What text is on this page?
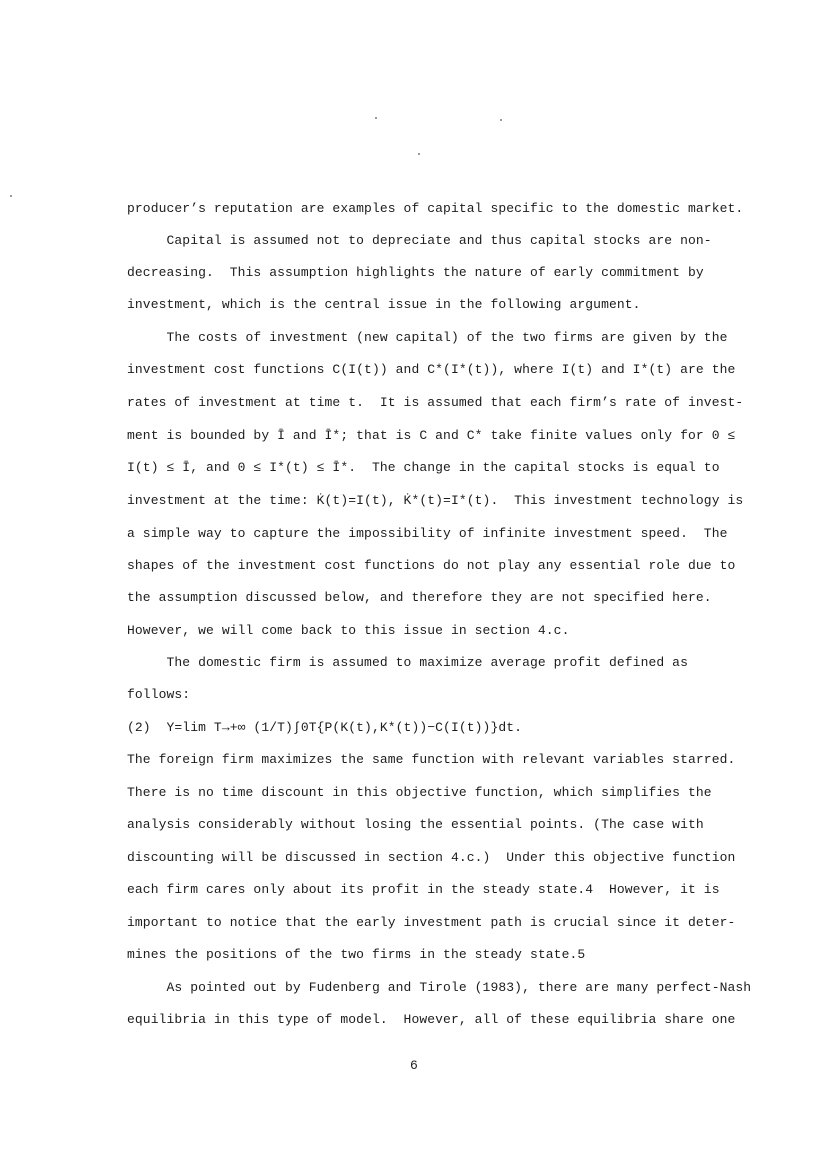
producer’s reputation are examples of capital specific to the domestic market.
Capital is assumed not to depreciate and thus capital stocks are non-
decreasing.  This assumption highlights the nature of early commitment by
investment, which is the central issue in the following argument.
The costs of investment (new capital) of the two firms are given by the
investment cost functions C(I(t)) and C*(I*(t)), where I(t) and I*(t) are the
rates of investment at time t.  It is assumed that each firm’s rate of invest-
ment is bounded by Ī and Ī*; that is C and C* take finite values only for 0 ≤
I(t) ≤ Ī, and 0 ≤ I*(t) ≤ Ī*.  The change in the capital stocks is equal to
investment at the time: K̇(t)=I(t), K̇*(t)=I*(t).  This investment technology is
a simple way to capture the impossibility of infinite investment speed.  The
shapes of the investment cost functions do not play any essential role due to
the assumption discussed below, and therefore they are not specified here.
However, we will come back to this issue in section 4.c.
The domestic firm is assumed to maximize average profit defined as
follows:
(2)  Y=lim T→+∞ (1/T)∫0T{P(K(t),K*(t))−C(I(t))}dt.
The foreign firm maximizes the same function with relevant variables starred.
There is no time discount in this objective function, which simplifies the
analysis considerably without losing the essential points. (The case with
discounting will be discussed in section 4.c.)  Under this objective function
each firm cares only about its profit in the steady state.4  However, it is
important to notice that the early investment path is crucial since it deter-
mines the positions of the two firms in the steady state.5
As pointed out by Fudenberg and Tirole (1983), there are many perfect-Nash
equilibria in this type of model.  However, all of these equilibria share one
6
